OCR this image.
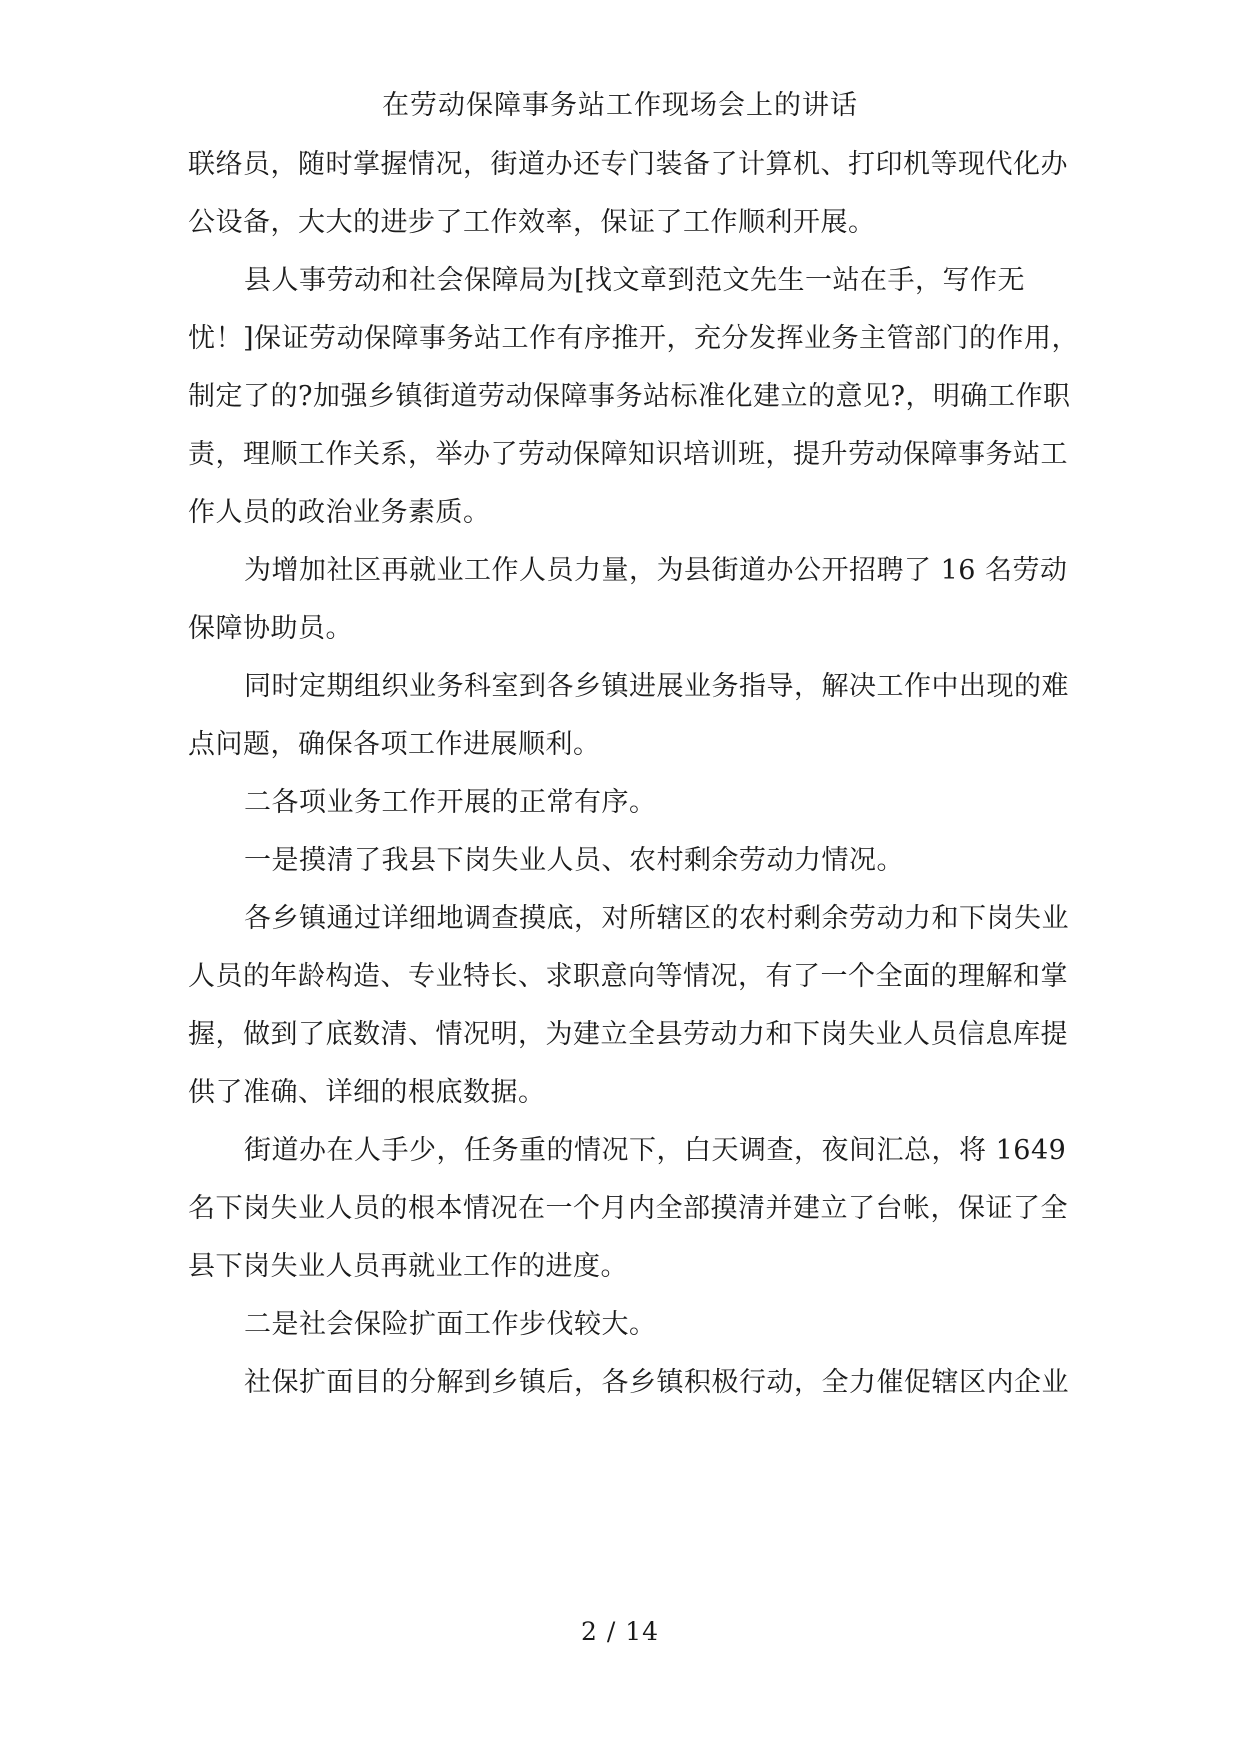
在劳动保障事务站工作现场会上的讲话
联络员，随时掌握情况，街道办还专门装备了计算机、打印机等现代化办
公设备，大大的进步了工作效率，保证了工作顺利开展。
县人事劳动和社会保障局为[找文章到范文先生一站在手，写作无
忧！]保证劳动保障事务站工作有序推开，充分发挥业务主管部门的作用，
制定了的?加强乡镇街道劳动保障事务站标准化建立的意见?，明确工作职
责，理顺工作关系，举办了劳动保障知识培训班，提升劳动保障事务站工
作人员的政治业务素质。
为增加社区再就业工作人员力量，为县街道办公开招聘了 16 名劳动
保障协助员。
同时定期组织业务科室到各乡镇进展业务指导，解决工作中出现的难
点问题，确保各项工作进展顺利。
二各项业务工作开展的正常有序。
一是摸清了我县下岗失业人员、农村剩余劳动力情况。
各乡镇通过详细地调查摸底，对所辖区的农村剩余劳动力和下岗失业
人员的年龄构造、专业特长、求职意向等情况，有了一个全面的理解和掌
握，做到了底数清、情况明，为建立全县劳动力和下岗失业人员信息库提
供了准确、详细的根底数据。
街道办在人手少，任务重的情况下，白天调查，夜间汇总，将 1649
名下岗失业人员的根本情况在一个月内全部摸清并建立了台帐，保证了全
县下岗失业人员再就业工作的进度。
二是社会保险扩面工作步伐较大。
社保扩面目的分解到乡镇后，各乡镇积极行动，全力催促辖区内企业
2 / 14
